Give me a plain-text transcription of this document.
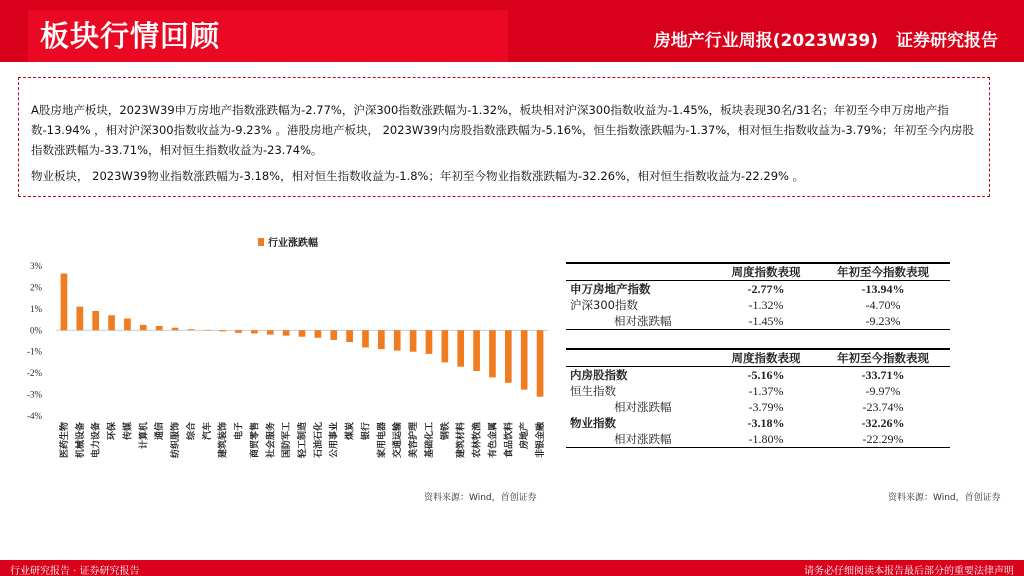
板块行情回顾	房地产行业周报(2023W39) 证券研究报告

A股房地产板块，2023W39申万房地产指数涨跌幅为-2.77%，沪深300指数涨跌幅为-1.32%，板块相对沪深300指数收益为-1.45%，板块表现30名/31名；年初至今申万房地产指数-13.94% ，相对沪深300指数收益为-9.23% 。港股房地产板块， 2023W39内房股指数涨跌幅为-5.16%，恒生指数涨跌幅为-1.37%，相对恒生指数收益为-3.79%；年初至今内房股指数涨跌幅为-33.71%，相对恒生指数收益为-23.74%。

物业板块， 2023W39物业指数涨跌幅为-3.18%，相对恒生指数收益为-1.8%；年初至今物业指数涨跌幅为-32.26%，相对恒生指数收益为-22.29% 。

行业涨跌幅
3%
2%
1%
0%
-1%
-2%
-3%
-4%
医药生物 机械设备 电力设备 环保 传媒 计算机 通信 纺织服饰 综合 汽车 建筑装饰 电子 商贸零售 社会服务 国防军工 轻工制造 石油石化 公用事业 煤炭 银行 家用电器 交通运输 美容护理 基础化工 钢铁 建筑材料 农林牧渔 有色金属 食品饮料 房地产 非银金融
	周度指数表现	年初至今指数表现
申万房地产指数	-2.77%	-13.94%
沪深300指数	-1.32%	-4.70%
相对涨跌幅	-1.45%	-9.23%
	周度指数表现	年初至今指数表现
内房股指数	-5.16%	-33.71%
恒生指数	-1.37%	-9.97%
相对涨跌幅	-3.79%	-23.74%
物业指数	-3.18%	-32.26%
相对涨跌幅	-1.80%	-22.29%
资料来源：Wind，首创证券	资料来源：Wind，首创证券
行业研究报告 · 证券研究报告	请务必仔细阅读本报告最后部分的重要法律声明
